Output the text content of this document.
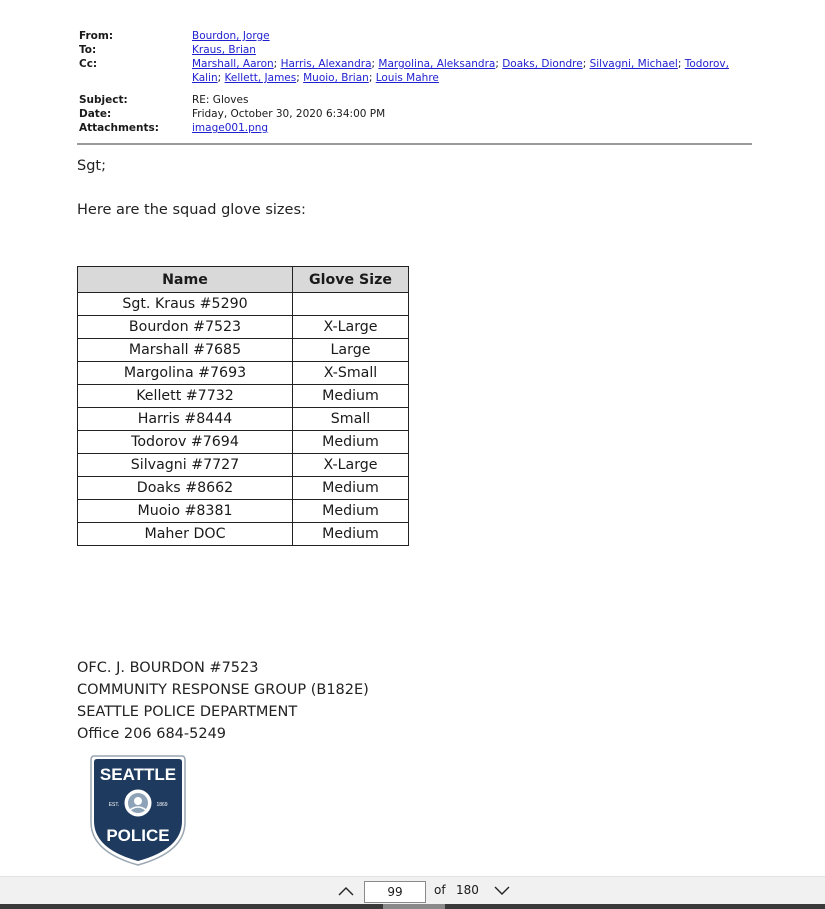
From:	Bourdon, Jorge
To:	Kraus, Brian
Cc:	Marshall, Aaron; Harris, Alexandra; Margolina, Aleksandra; Doaks, Diondre; Silvagni, Michael; Todorov, Kalin; Kellett, James; Muoio, Brian; Louis Mahre
Subject:	RE: Gloves
Date:	Friday, October 30, 2020 6:34:00 PM
Attachments:	image001.png
Sgt;
Here are the squad glove sizes:
Name	Glove Size
Sgt. Kraus #5290	
Bourdon #7523	X-Large
Marshall #7685	Large
Margolina #7693	X-Small
Kellett #7732	Medium
Harris #8444	Small
Todorov #7694	Medium
Silvagni #7727	X-Large
Doaks #8662	Medium
Muoio #8381	Medium
Maher DOC	Medium
OFC. J. BOURDON #7523
COMMUNITY RESPONSE GROUP (B182E)
SEATTLE POLICE DEPARTMENT
Office 206 684-5249
SEATTLE
EST.	1869
POLICE
99	of 180
